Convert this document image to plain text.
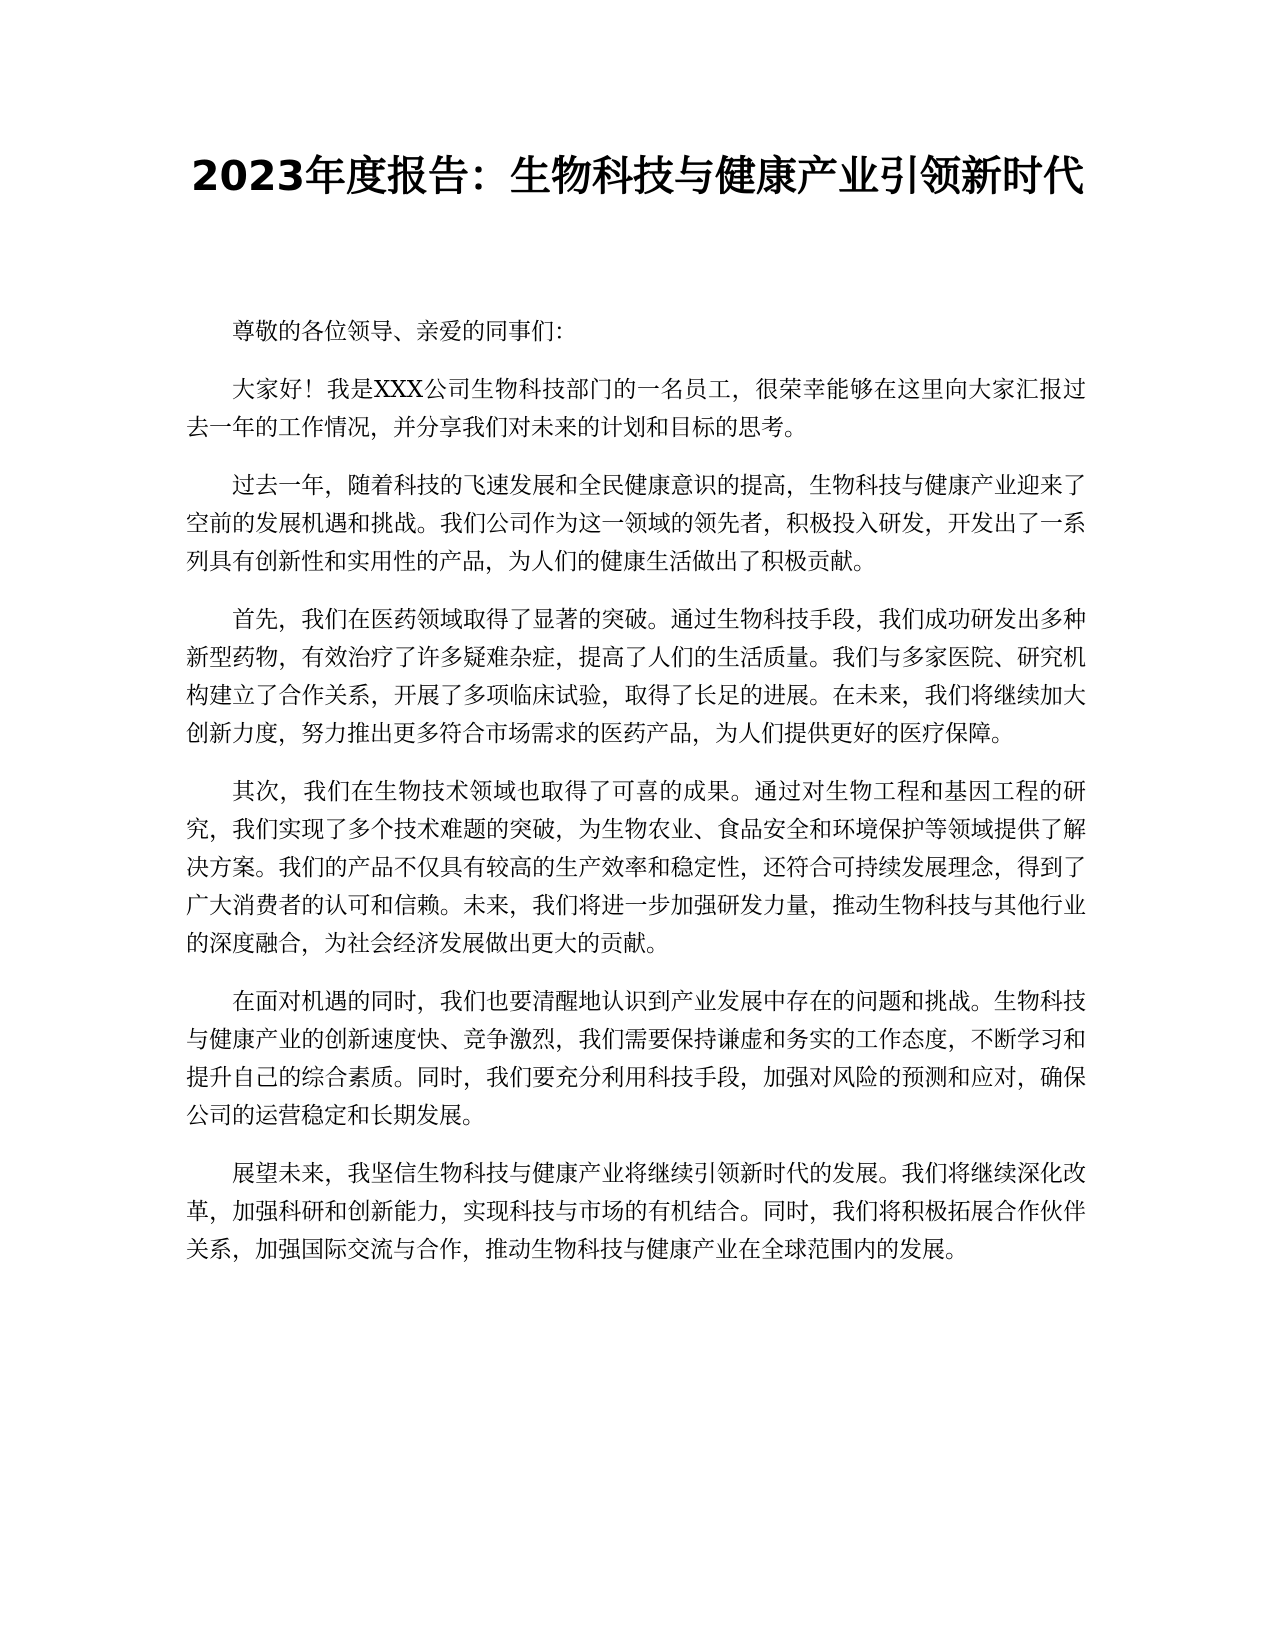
2023年度报告：生物科技与健康产业引领新时代

尊敬的各位领导、亲爱的同事们：

大家好！我是XXX公司生物科技部门的一名员工，很荣幸能够在这里向大家汇报过去一年的工作情况，并分享我们对未来的计划和目标的思考。

过去一年，随着科技的飞速发展和全民健康意识的提高，生物科技与健康产业迎来了空前的发展机遇和挑战。我们公司作为这一领域的领先者，积极投入研发，开发出了一系列具有创新性和实用性的产品，为人们的健康生活做出了积极贡献。

首先，我们在医药领域取得了显著的突破。通过生物科技手段，我们成功研发出多种新型药物，有效治疗了许多疑难杂症，提高了人们的生活质量。我们与多家医院、研究机构建立了合作关系，开展了多项临床试验，取得了长足的进展。在未来，我们将继续加大创新力度，努力推出更多符合市场需求的医药产品，为人们提供更好的医疗保障。

其次，我们在生物技术领域也取得了可喜的成果。通过对生物工程和基因工程的研究，我们实现了多个技术难题的突破，为生物农业、食品安全和环境保护等领域提供了解决方案。我们的产品不仅具有较高的生产效率和稳定性，还符合可持续发展理念，得到了广大消费者的认可和信赖。未来，我们将进一步加强研发力量，推动生物科技与其他行业的深度融合，为社会经济发展做出更大的贡献。

在面对机遇的同时，我们也要清醒地认识到产业发展中存在的问题和挑战。生物科技与健康产业的创新速度快、竞争激烈，我们需要保持谦虚和务实的工作态度，不断学习和提升自己的综合素质。同时，我们要充分利用科技手段，加强对风险的预测和应对，确保公司的运营稳定和长期发展。

展望未来，我坚信生物科技与健康产业将继续引领新时代的发展。我们将继续深化改革，加强科研和创新能力，实现科技与市场的有机结合。同时，我们将积极拓展合作伙伴关系，加强国际交流与合作，推动生物科技与健康产业在全球范围内的发展。
